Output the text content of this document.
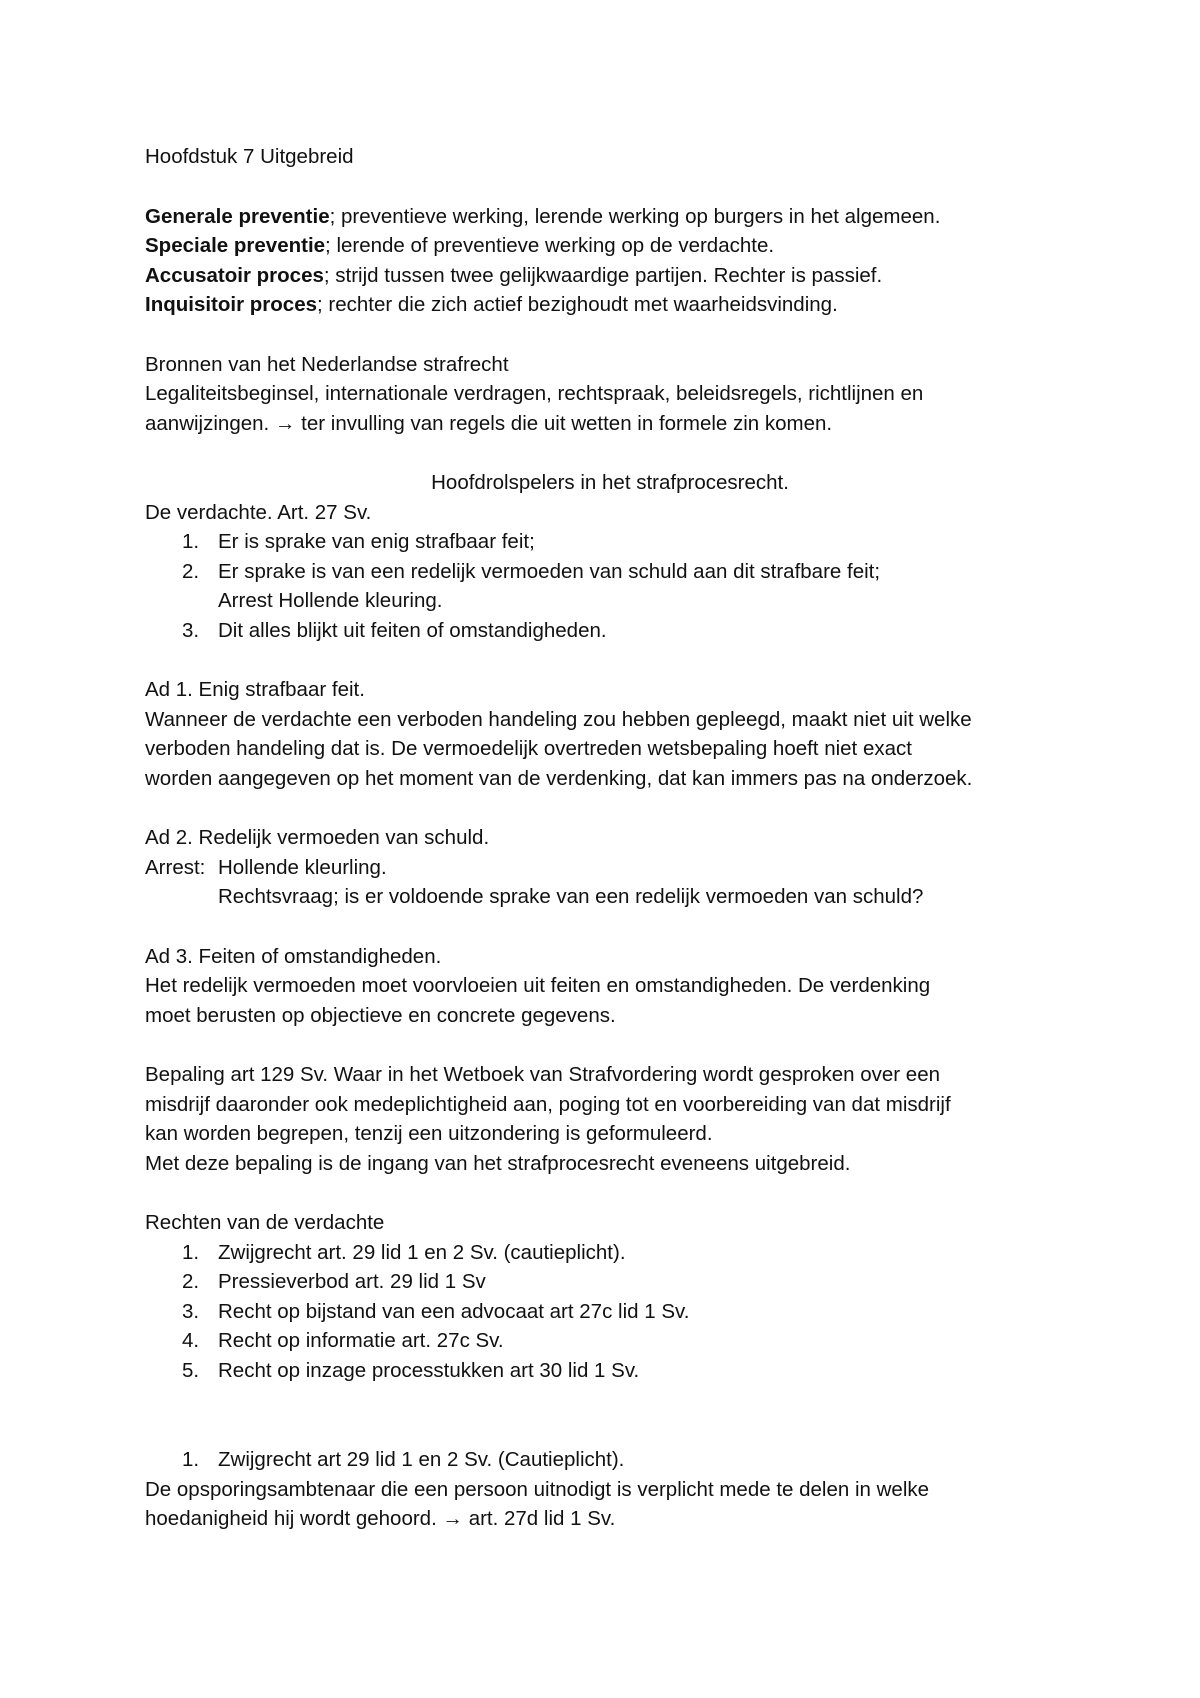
Hoofdstuk 7 Uitgebreid
Generale preventie; preventieve werking, lerende werking op burgers in het algemeen.
Speciale preventie; lerende of preventieve werking op de verdachte.
Accusatoir proces; strijd tussen twee gelijkwaardige partijen. Rechter is passief.
Inquisitoir proces; rechter die zich actief bezighoudt met waarheidsvinding.
Bronnen van het Nederlandse strafrecht
Legaliteitsbeginsel, internationale verdragen, rechtspraak, beleidsregels, richtlijnen en
aanwijzingen. → ter invulling van regels die uit wetten in formele zin komen.
Hoofdrolspelers in het strafprocesrecht.
De verdachte. Art. 27 Sv.
1. Er is sprake van enig strafbaar feit;
2. Er sprake is van een redelijk vermoeden van schuld aan dit strafbare feit;
Arrest Hollende kleuring.
3. Dit alles blijkt uit feiten of omstandigheden.
Ad 1. Enig strafbaar feit.
Wanneer de verdachte een verboden handeling zou hebben gepleegd, maakt niet uit welke
verboden handeling dat is. De vermoedelijk overtreden wetsbepaling hoeft niet exact
worden aangegeven op het moment van de verdenking, dat kan immers pas na onderzoek.
Ad 2. Redelijk vermoeden van schuld.
Arrest: Hollende kleurling.
Rechtsvraag; is er voldoende sprake van een redelijk vermoeden van schuld?
Ad 3. Feiten of omstandigheden.
Het redelijk vermoeden moet voorvloeien uit feiten en omstandigheden. De verdenking
moet berusten op objectieve en concrete gegevens.
Bepaling art 129 Sv. Waar in het Wetboek van Strafvordering wordt gesproken over een
misdrijf daaronder ook medeplichtigheid aan, poging tot en voorbereiding van dat misdrijf
kan worden begrepen, tenzij een uitzondering is geformuleerd.
Met deze bepaling is de ingang van het strafprocesrecht eveneens uitgebreid.
Rechten van de verdachte
1. Zwijgrecht art. 29 lid 1 en 2 Sv. (cautieplicht).
2. Pressieverbod art. 29 lid 1 Sv
3. Recht op bijstand van een advocaat art 27c lid 1 Sv.
4. Recht op informatie art. 27c Sv.
5. Recht op inzage processtukken art 30 lid 1 Sv.
1. Zwijgrecht art 29 lid 1 en 2 Sv. (Cautieplicht).
De opsporingsambtenaar die een persoon uitnodigt is verplicht mede te delen in welke
hoedanigheid hij wordt gehoord. → art. 27d lid 1 Sv.
